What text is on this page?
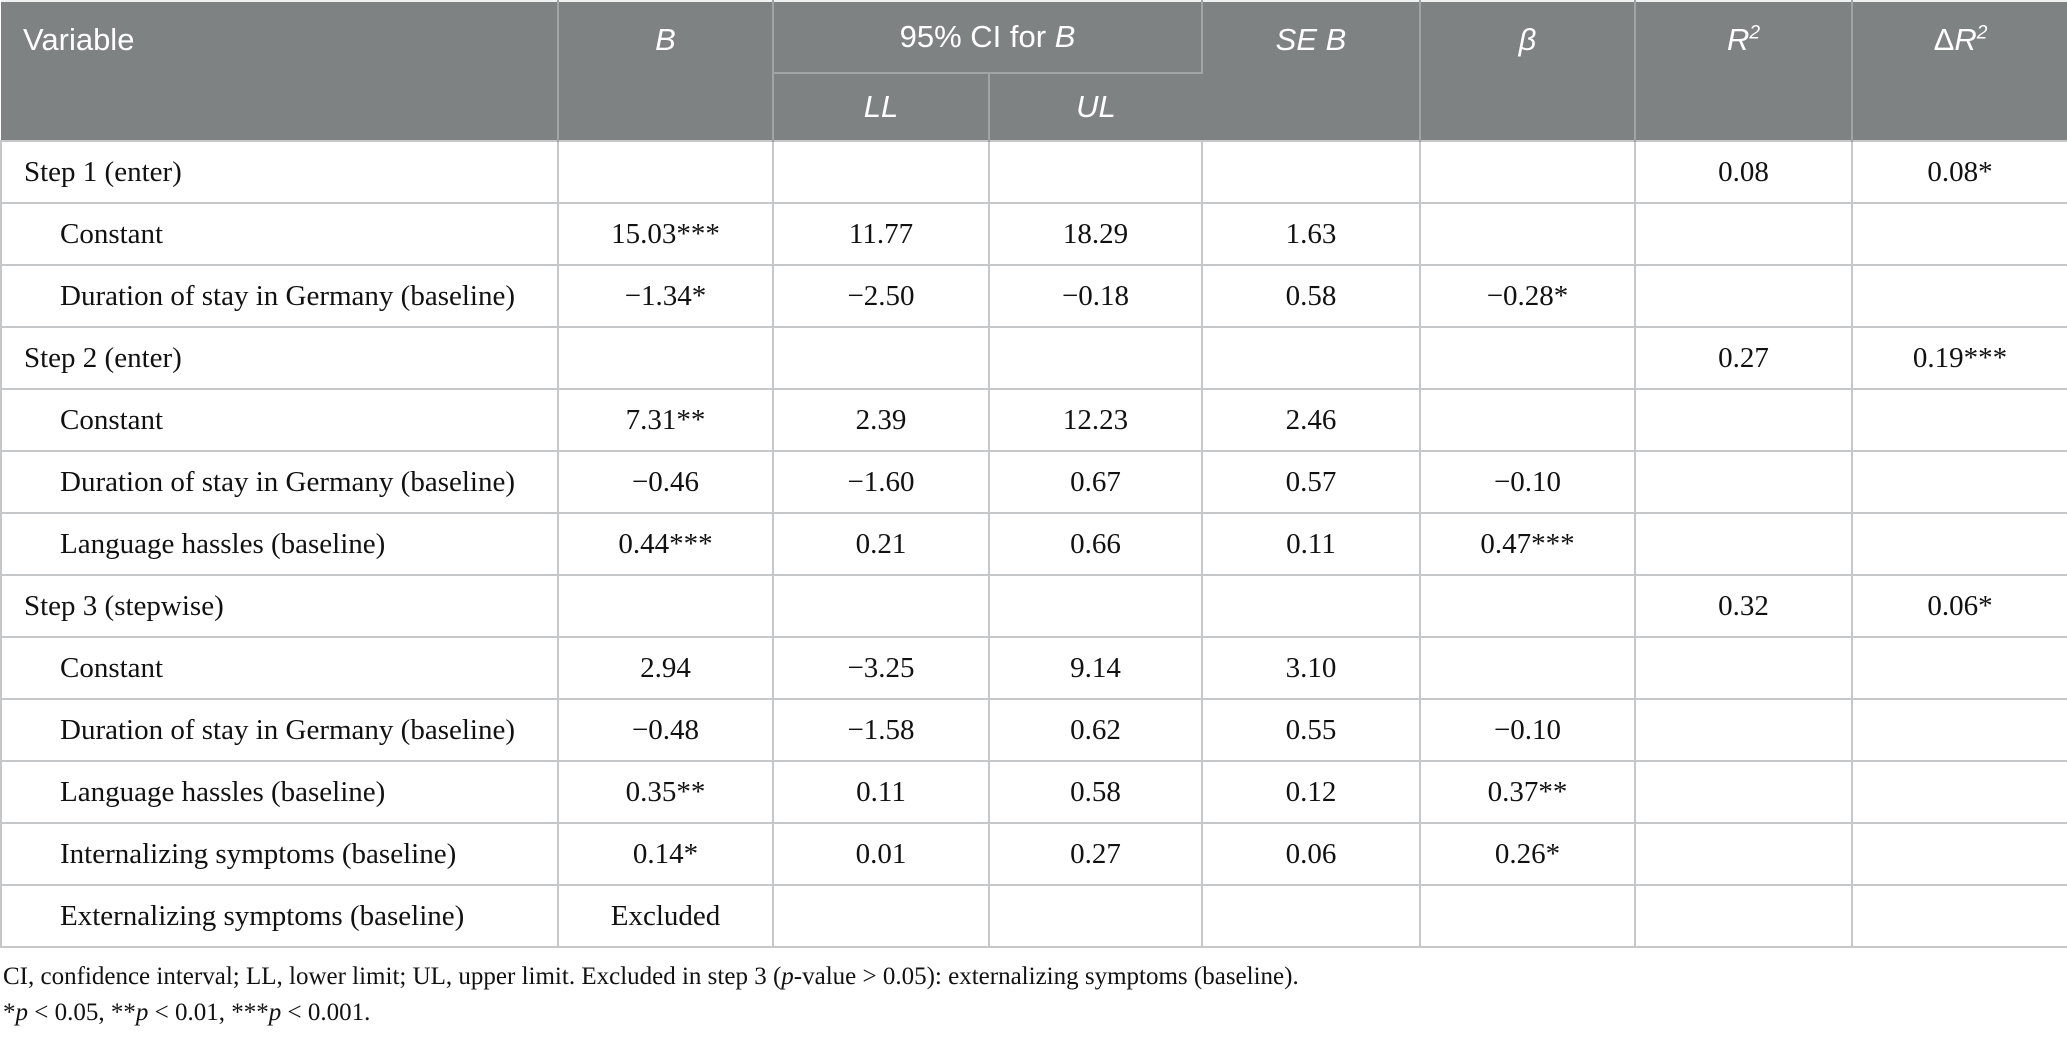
Variable	B	95% CI for B		SE B	β	$R^2$	$\Delta R^2$
		LL	UL				
Step 1 (enter)						0.08	0.08*
Constant	15.03***	11.77	18.29	1.63			
Duration of stay in Germany (baseline)	−1.34*	−2.50	−0.18	0.58	−0.28*		
Step 2 (enter)						0.27	0.19***
Constant	7.31**	2.39	12.23	2.46			
Duration of stay in Germany (baseline)	−0.46	−1.60	0.67	0.57	−0.10		
Language hassles (baseline)	0.44***	0.21	0.66	0.11	0.47***		
Step 3 (stepwise)						0.32	0.06*
Constant	2.94	−3.25	9.14	3.10			
Duration of stay in Germany (baseline)	−0.48	−1.58	0.62	0.55	−0.10		
Language hassles (baseline)	0.35**	0.11	0.58	0.12	0.37**		
Internalizing symptoms (baseline)	0.14*	0.01	0.27	0.06	0.26*		
Externalizing symptoms (baseline)	Excluded						
CI, confidence interval; LL, lower limit; UL, upper limit. Excluded in step 3 (p-value > 0.05): externalizing symptoms (baseline).
*p < 0.05, **p < 0.01, ***p < 0.001.
